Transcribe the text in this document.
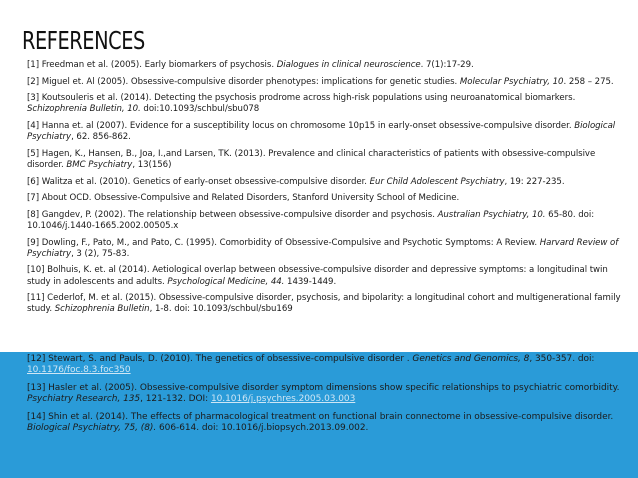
REFERENCES
[1] Freedman et al. (2005). Early biomarkers of psychosis. Dialogues in clinical neuroscience. 7(1):17-29.
[2] Miguel et. Al (2005). Obsessive-compulsive disorder phenotypes: implications for genetic studies. Molecular Psychiatry, 10. 258 – 275.
[3] Koutsouleris et al. (2014). Detecting the psychosis prodrome across high-risk populations using neuroanatomical biomarkers. Schizophrenia Bulletin, 10. doi:10.1093/schbul/sbu078
[4] Hanna et. al (2007). Evidence for a susceptibility locus on chromosome 10p15 in early-onset obsessive-compulsive disorder. Biological Psychiatry, 62. 856-862.
[5] Hagen, K., Hansen, B., Joa, I.,and Larsen, TK. (2013). Prevalence and clinical characteristics of patients with obsessive-compulsive disorder. BMC Psychiatry, 13(156)
[6] Walitza et al. (2010). Genetics of early-onset obsessive-compulsive disorder. Eur Child Adolescent Psychiatry, 19: 227-235.
[7] About OCD. Obsessive-Compulsive and Related Disorders, Stanford University School of Medicine.
[8] Gangdev, P. (2002). The relationship between obsessive-compulsive disorder and psychosis. Australian Psychiatry, 10. 65-80. doi: 10.1046/j.1440-1665.2002.00505.x
[9] Dowling, F., Pato, M., and Pato, C. (1995). Comorbidity of Obsessive-Compulsive and Psychotic Symptoms: A Review. Harvard Review of Psychiatry, 3 (2), 75-83.
[10] Bolhuis, K. et. al (2014). Aetiological overlap between obsessive-compulsive disorder and depressive symptoms: a longitudinal twin study in adolescents and adults. Psychological Medicine, 44. 1439-1449.
[11] Cederlof, M. et al. (2015). Obsessive-compulsive disorder, psychosis, and bipolarity: a longitudinal cohort and multigenerational family study. Schizophrenia Bulletin, 1-8. doi: 10.1093/schbul/sbu169
[12] Stewart, S. and Pauls, D. (2010). The genetics of obsessive-compulsive disorder . Genetics and Genomics, 8, 350-357. doi: 10.1176/foc.8.3.foc350
[13] Hasler et al. (2005). Obsessive-compulsive disorder symptom dimensions show specific relationships to psychiatric comorbidity. Psychiatry Research, 135, 121-132. DOI: 10.1016/j.psychres.2005.03.003
[14] Shin et al. (2014). The effects of pharmacological treatment on functional brain connectome in obsessive-compulsive disorder. Biological Psychiatry, 75, (8). 606-614. doi: 10.1016/j.biopsych.2013.09.002.
